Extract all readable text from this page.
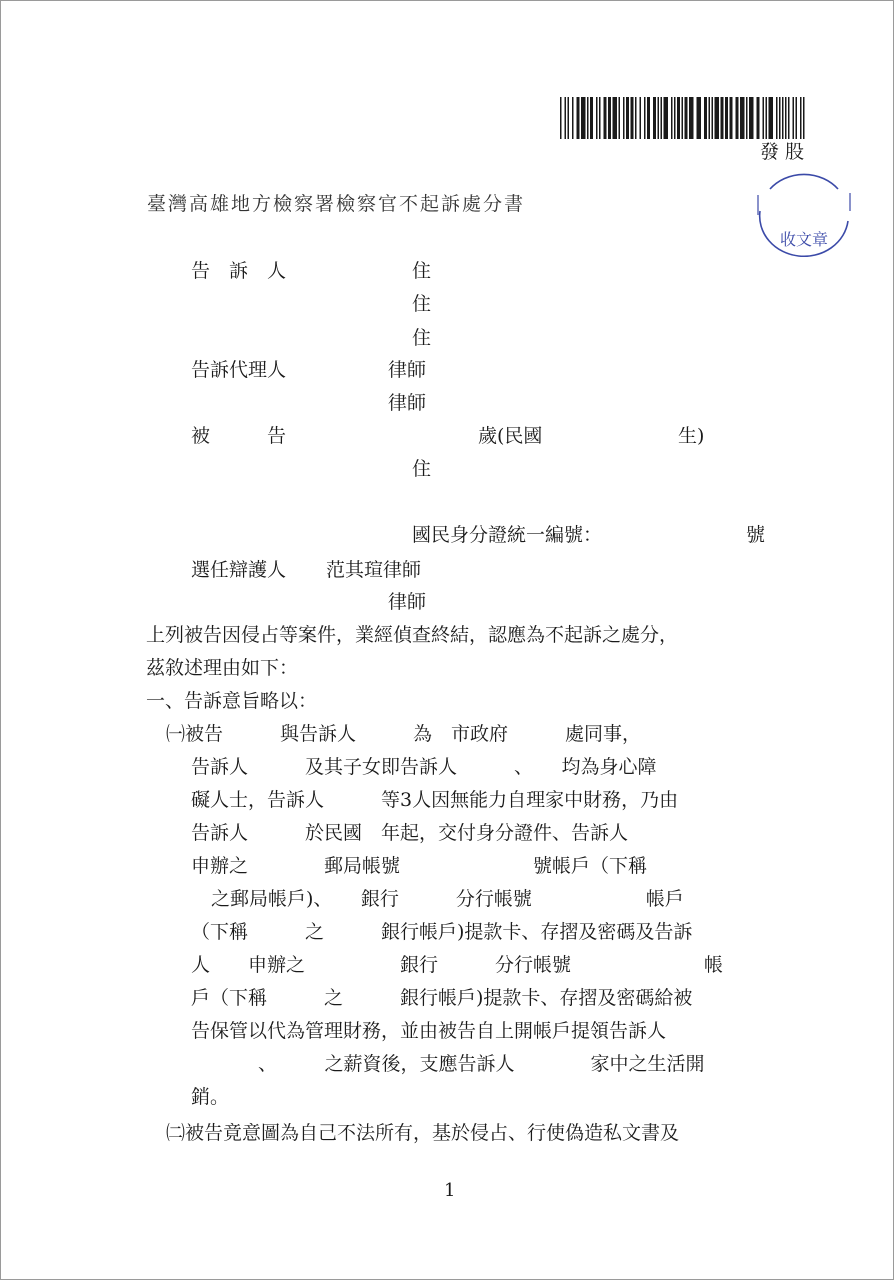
發股
收文章
臺灣高雄地方檢察署檢察官不起訴處分書
告　訴　人	住
住
住
告訴代理人	律師
律師
被　　　告	歲(民國	生)
住
國民身分證統一編號：	號
選任辯護人 范其瑄律師
律師
上列被告因侵占等案件，業經偵查終結，認應為不起訴之處分，
茲敘述理由如下：
一、告訴意旨略以：
㈠被告　　　與告訴人　　　為　市政府　　　處同事，
告訴人　　　及其子女即告訴人　　　、　　均為身心障
礙人士，告訴人　　　等3人因無能力自理家中財務，乃由
告訴人　　　於民國　年起，交付身分證件、告訴人
申辦之　　　　郵局帳號　　　　　　　號帳戶（下稱
之郵局帳戶)、　　銀行　　　分行帳號　　　　　　帳戶
（下稱　　　之　　　銀行帳戶)提款卡、存摺及密碼及告訴
人　　申辦之　　　　　銀行　　　分行帳號　　　　　　　帳
戶（下稱　　　之　　　銀行帳戶)提款卡、存摺及密碼給被
告保管以代為管理財務，並由被告自上開帳戶提領告訴人
、　　　之薪資後，支應告訴人　　　　家中之生活開
銷。
㈡被告竟意圖為自己不法所有，基於侵占、行使偽造私文書及
1
